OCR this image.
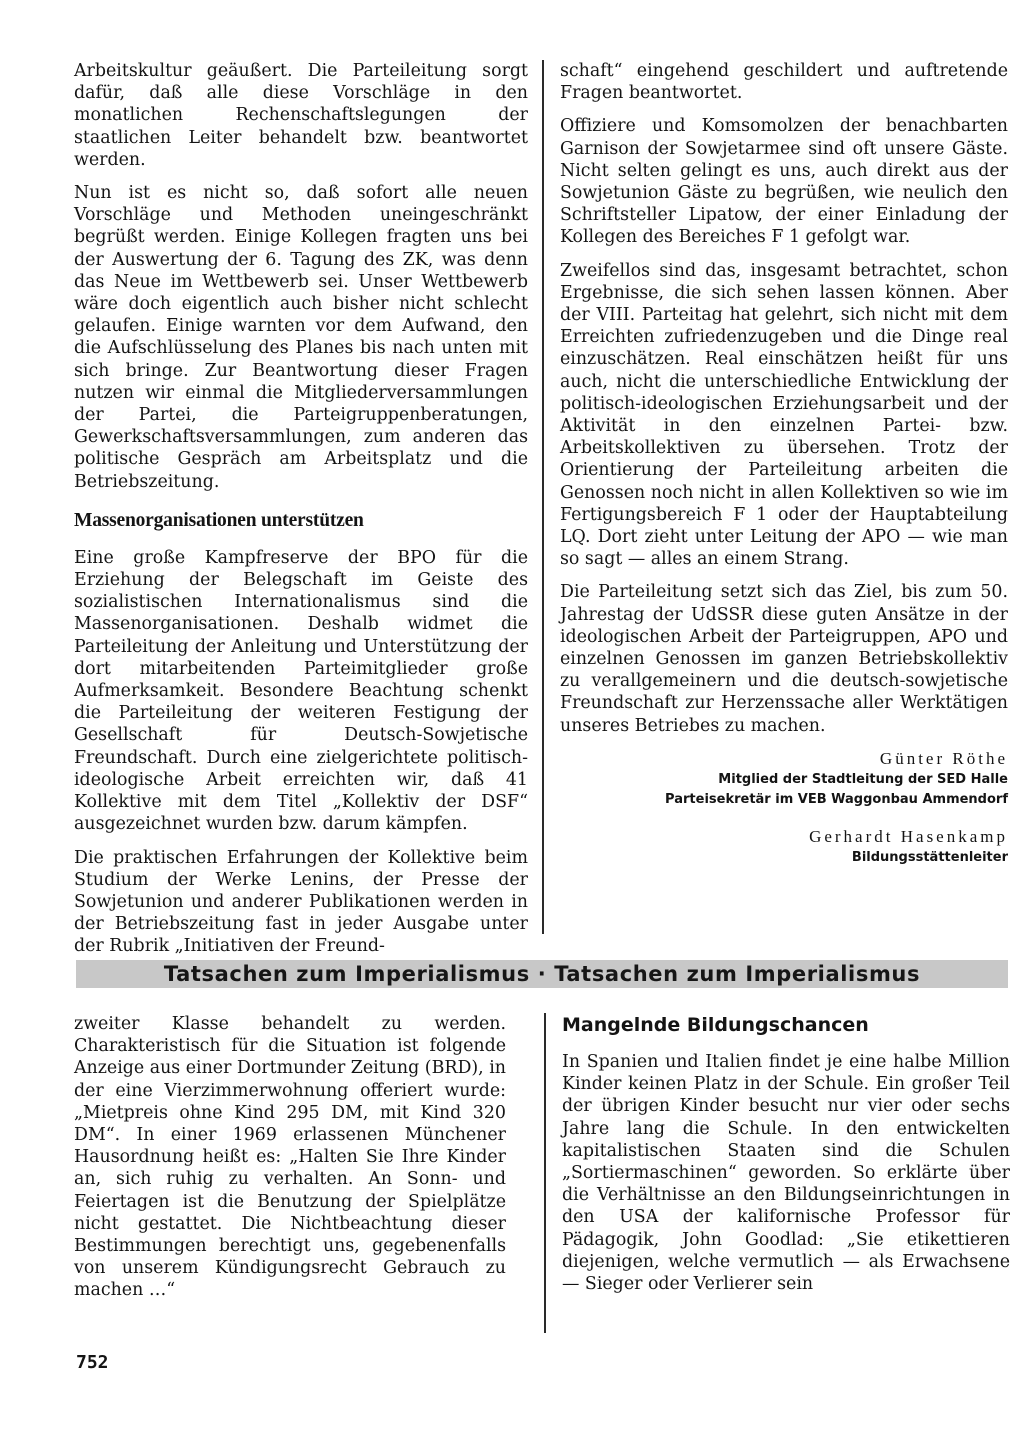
Arbeitskultur geäußert. Die Parteileitung sorgt dafür, daß alle diese Vorschläge in den monatlichen Rechenschaftslegungen der staatlichen Leiter behandelt bzw. beantwortet werden.

Nun ist es nicht so, daß sofort alle neuen Vorschläge und Methoden uneingeschränkt begrüßt werden. Einige Kollegen fragten uns bei der Auswertung der 6. Tagung des ZK, was denn das Neue im Wettbewerb sei. Unser Wettbewerb wäre doch eigentlich auch bisher nicht schlecht gelaufen. Einige warnten vor dem Aufwand, den die Aufschlüsselung des Planes bis nach unten mit sich bringe. Zur Beantwortung dieser Fragen nutzen wir einmal die Mitgliederversammlungen der Partei, die Parteigruppenberatungen, Gewerkschaftsversammlungen, zum anderen das politische Gespräch am Arbeitsplatz und die Betriebszeitung.

Massenorganisationen unterstützen

Eine große Kampfreserve der BPO für die Erziehung der Belegschaft im Geiste des sozialistischen Internationalismus sind die Massenorganisationen. Deshalb widmet die Parteileitung der Anleitung und Unterstützung der dort mitarbeitenden Parteimitglieder große Aufmerksamkeit. Besondere Beachtung schenkt die Parteileitung der weiteren Festigung der Gesellschaft für Deutsch-Sowjetische Freundschaft. Durch eine zielgerichtete politisch-ideologische Arbeit erreichten wir, daß 41 Kollektive mit dem Titel „Kollektiv der DSF“ ausgezeichnet wurden bzw. darum kämpfen.

Die praktischen Erfahrungen der Kollektive beim Studium der Werke Lenins, der Presse der Sowjetunion und anderer Publikationen werden in der Betriebszeitung fast in jeder Ausgabe unter der Rubrik „Initiativen der Freund-

schaft“ eingehend geschildert und auftretende Fragen beantwortet.

Offiziere und Komsomolzen der benachbarten Garnison der Sowjetarmee sind oft unsere Gäste. Nicht selten gelingt es uns, auch direkt aus der Sowjetunion Gäste zu begrüßen, wie neulich den Schriftsteller Lipatow, der einer Einladung der Kollegen des Bereiches F 1 gefolgt war.

Zweifellos sind das, insgesamt betrachtet, schon Ergebnisse, die sich sehen lassen können. Aber der VIII. Parteitag hat gelehrt, sich nicht mit dem Erreichten zufriedenzugeben und die Dinge real einzuschätzen. Real einschätzen heißt für uns auch, nicht die unterschiedliche Entwicklung der politisch-ideologischen Erziehungsarbeit und der Aktivität in den einzelnen Partei- bzw. Arbeitskollektiven zu übersehen. Trotz der Orientierung der Parteileitung arbeiten die Genossen noch nicht in allen Kollektiven so wie im Fertigungsbereich F 1 oder der Hauptabteilung LQ. Dort zieht unter Leitung der APO — wie man so sagt — alles an einem Strang.

Die Parteileitung setzt sich das Ziel, bis zum 50. Jahrestag der UdSSR diese guten Ansätze in der ideologischen Arbeit der Parteigruppen, APO und einzelnen Genossen im ganzen Betriebskollektiv zu verallgemeinern und die deutsch-sowjetische Freundschaft zur Herzenssache aller Werktätigen unseres Betriebes zu machen.

Günter Röthe
Mitglied der Stadtleitung der SED Halle
Parteisekretär im VEB Waggonbau Ammendorf
Gerhardt Hasenkamp
Bildungsstättenleiter
Tatsachen zum Imperialismus · Tatsachen zum Imperialismus

zweiter Klasse behandelt zu werden. Charakteristisch für die Situation ist folgende Anzeige aus einer Dortmunder Zeitung (BRD), in der eine Vierzimmerwohnung offeriert wurde: „Mietpreis ohne Kind 295 DM, mit Kind 320 DM“. In einer 1969 erlassenen Münchener Hausordnung heißt es: „Halten Sie Ihre Kinder an, sich ruhig zu verhalten. An Sonn- und Feiertagen ist die Benutzung der Spielplätze nicht gestattet. Die Nichtbeachtung dieser Bestimmungen berechtigt uns, gegebenenfalls von unserem Kündigungsrecht Gebrauch zu machen …“

Mangelnde Bildungschancen

In Spanien und Italien findet je eine halbe Million Kinder keinen Platz in der Schule. Ein großer Teil der übrigen Kinder besucht nur vier oder sechs Jahre lang die Schule. In den entwickelten kapitalistischen Staaten sind die Schulen „Sortiermaschinen“ geworden. So erklärte über die Verhältnisse an den Bildungseinrichtungen in den USA der kalifornische Professor für Pädagogik, John Goodlad: „Sie etikettieren diejenigen, welche vermutlich — als Erwachsene — Sieger oder Verlierer sein

752
